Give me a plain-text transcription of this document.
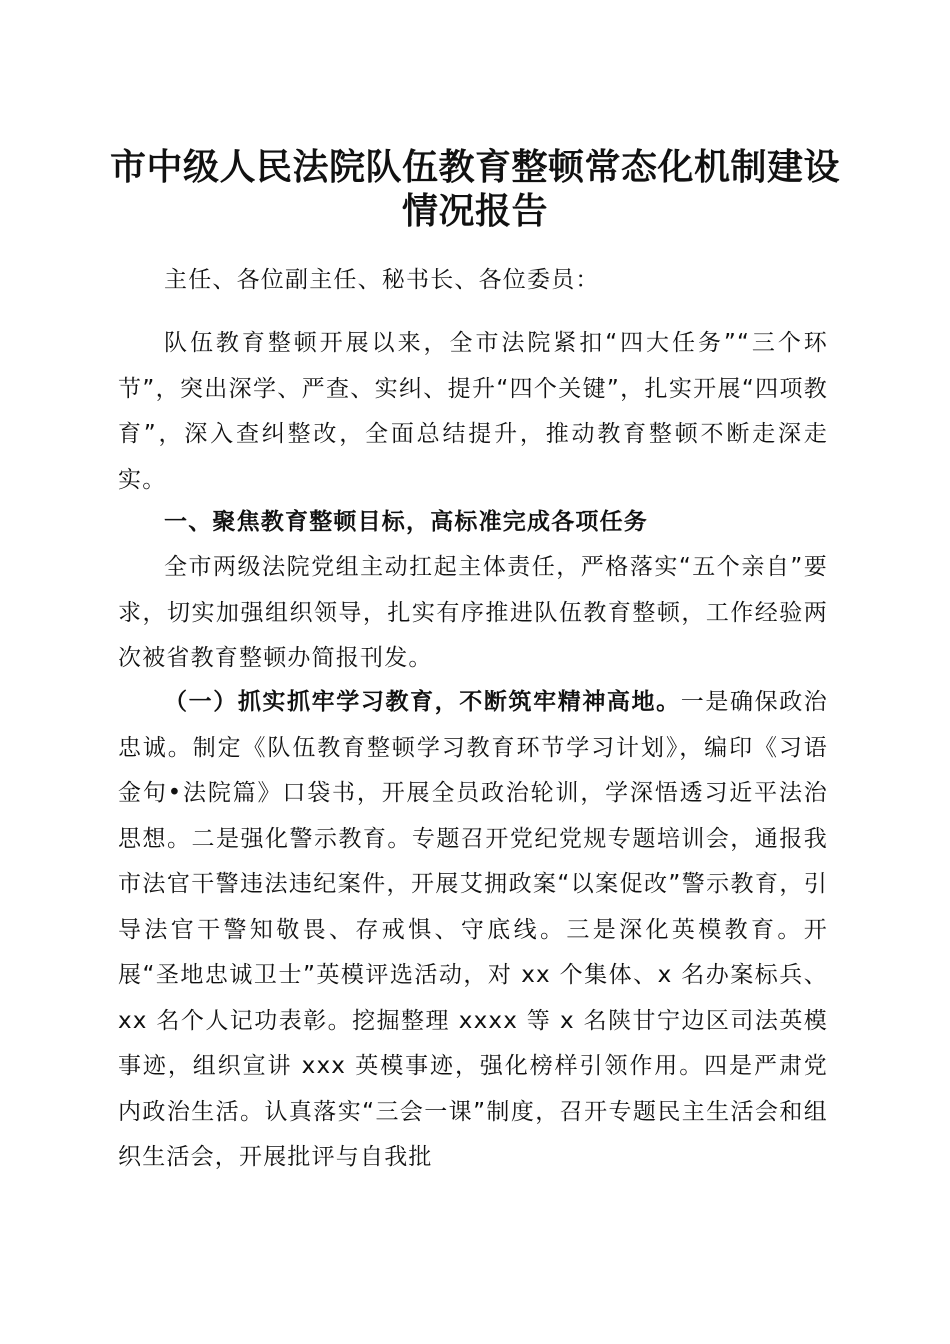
市中级人民法院队伍教育整顿常态化机制建设
情况报告

主任、各位副主任、秘书长、各位委员：

队伍教育整顿开展以来，全市法院紧扣“四大任务”“三个环节”，突出深学、严查、实纠、提升“四个关键”，扎实开展“四项教育”，深入查纠整改，全面总结提升，推动教育整顿不断走深走实。

一、聚焦教育整顿目标，高标准完成各项任务

全市两级法院党组主动扛起主体责任，严格落实“五个亲自”要求，切实加强组织领导，扎实有序推进队伍教育整顿，工作经验两次被省教育整顿办简报刊发。

（一）抓实抓牢学习教育，不断筑牢精神高地。一是确保政治忠诚。制定《队伍教育整顿学习教育环节学习计划》，编印《习语金句•法院篇》口袋书，开展全员政治轮训，学深悟透习近平法治思想。二是强化警示教育。专题召开党纪党规专题培训会，通报我市法官干警违法违纪案件，开展艾拥政案“以案促改”警示教育，引导法官干警知敬畏、存戒惧、守底线。三是深化英模教育。开展“圣地忠诚卫士”英模评选活动，对 xx 个集体、x 名办案标兵、xx 名个人记功表彰。挖掘整理 xxxx 等 x 名陕甘宁边区司法英模事迹，组织宣讲 xxx 英模事迹，强化榜样引领作用。四是严肃党内政治生活。认真落实“三会一课”制度，召开专题民主生活会和组织生活会，开展批评与自我批
